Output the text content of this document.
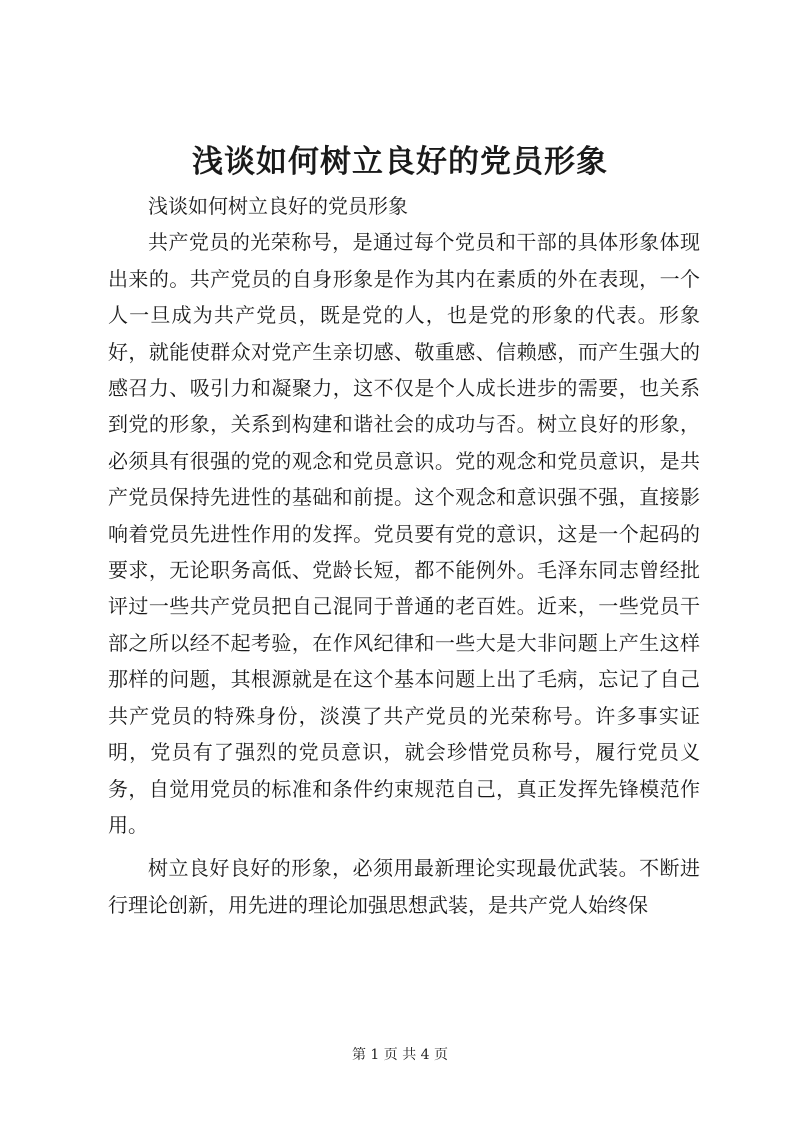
浅谈如何树立良好的党员形象

浅谈如何树立良好的党员形象

共产党员的光荣称号，是通过每个党员和干部的具体形象体现出来的。共产党员的自身形象是作为其内在素质的外在表现，一个人一旦成为共产党员，既是党的人，也是党的形象的代表。形象好，就能使群众对党产生亲切感、敬重感、信赖感，而产生强大的感召力、吸引力和凝聚力，这不仅是个人成长进步的需要，也关系到党的形象，关系到构建和谐社会的成功与否。树立良好的形象，必须具有很强的党的观念和党员意识。党的观念和党员意识，是共产党员保持先进性的基础和前提。这个观念和意识强不强，直接影响着党员先进性作用的发挥。党员要有党的意识，这是一个起码的要求，无论职务高低、党龄长短，都不能例外。毛泽东同志曾经批评过一些共产党员把自己混同于普通的老百姓。近来，一些党员干部之所以经不起考验，在作风纪律和一些大是大非问题上产生这样那样的问题，其根源就是在这个基本问题上出了毛病，忘记了自己共产党员的特殊身份，淡漠了共产党员的光荣称号。许多事实证明，党员有了强烈的党员意识，就会珍惜党员称号，履行党员义务，自觉用党员的标准和条件约束规范自己，真正发挥先锋模范作用。

树立良好良好的形象，必须用最新理论实现最优武装。不断进行理论创新，用先进的理论加强思想武装，是共产党人始终保

第 1 页 共 4 页
